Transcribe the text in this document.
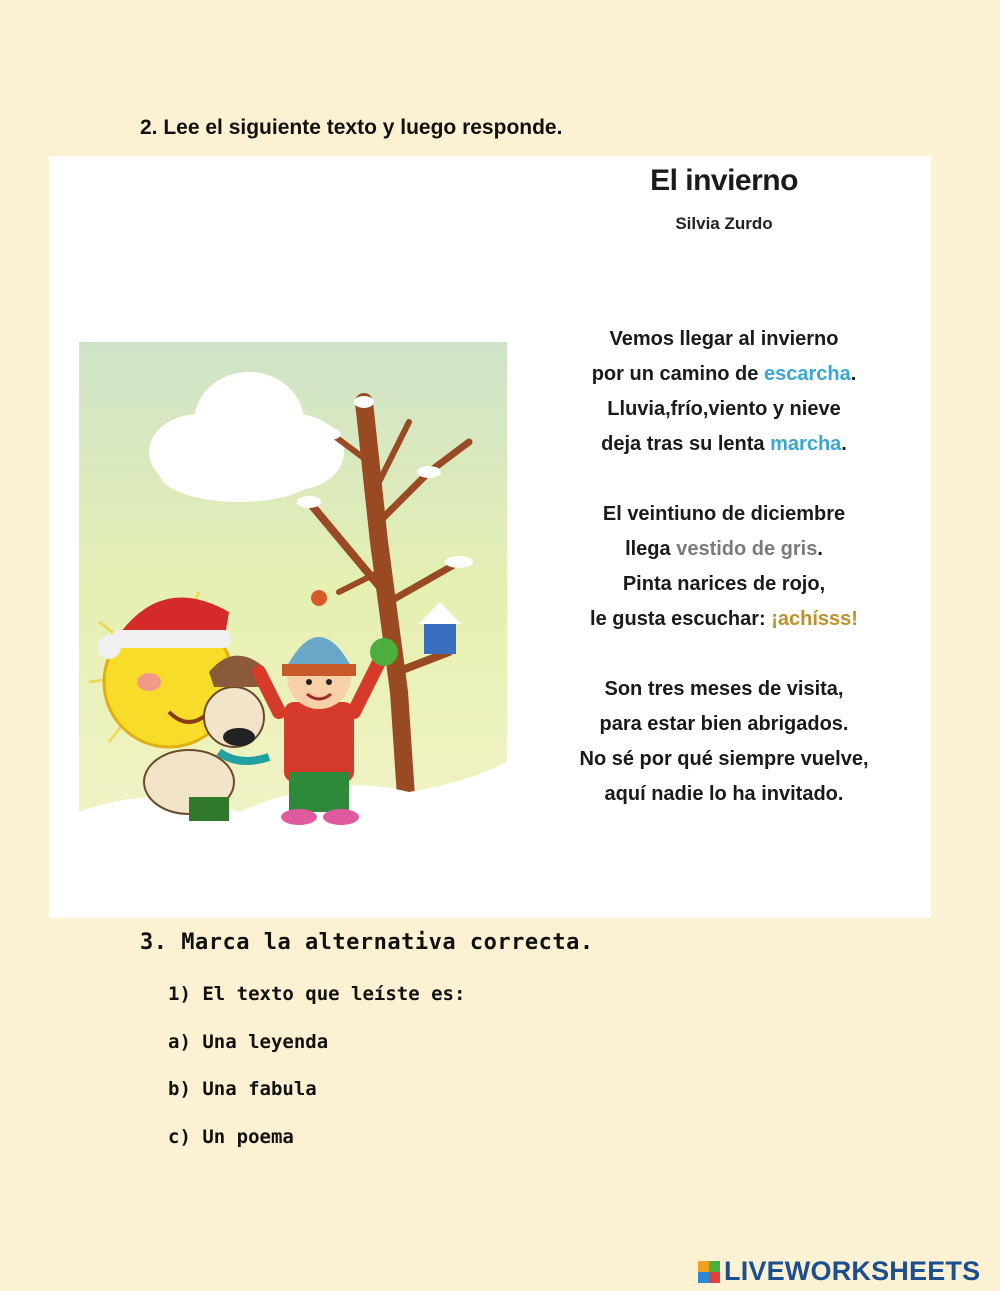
2. Lee el siguiente texto y luego responde.
El invierno
Silvia Zurdo
Vemos llegar al invierno
por un camino de escarcha.
Lluvia,frío,viento y nieve
deja tras su lenta marcha.
El veintiuno de diciembre
llega vestido de gris.
Pinta narices de rojo,
le gusta escuchar: ¡achísss!
Son tres meses de visita,
para estar bien abrigados.
No sé por qué siempre vuelve,
aquí nadie lo ha invitado.
3. Marca la alternativa correcta.
1) El texto que leíste es:
a) Una leyenda
b) Una fabula
c) Un poema
LIVEWORKSHEETS
